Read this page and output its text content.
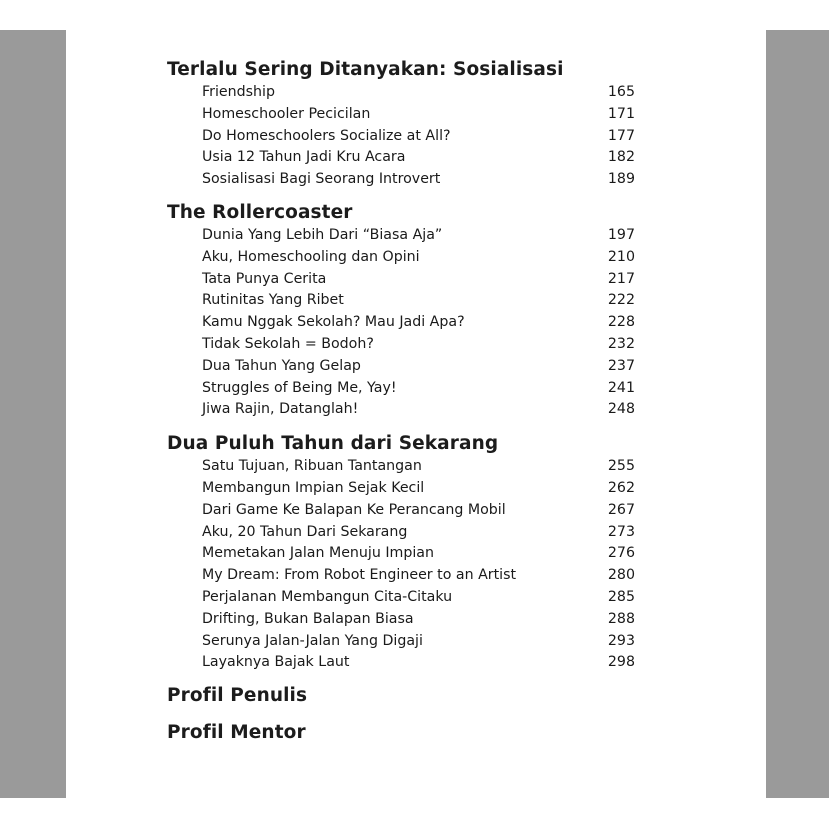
Terlalu Sering Ditanyakan: Sosialisasi
Friendship	165
Homeschooler Pecicilan	171
Do Homeschoolers Socialize at All?	177
Usia 12 Tahun Jadi Kru Acara	182
Sosialisasi Bagi Seorang Introvert	189
The Rollercoaster
Dunia Yang Lebih Dari “Biasa Aja”	197
Aku, Homeschooling dan Opini	210
Tata Punya Cerita	217
Rutinitas Yang Ribet	222
Kamu Nggak Sekolah? Mau Jadi Apa?	228
Tidak Sekolah = Bodoh?	232
Dua Tahun Yang Gelap	237
Struggles of Being Me, Yay!	241
Jiwa Rajin, Datanglah!	248
Dua Puluh Tahun dari Sekarang
Satu Tujuan, Ribuan Tantangan	255
Membangun Impian Sejak Kecil	262
Dari Game Ke Balapan Ke Perancang Mobil	267
Aku, 20 Tahun Dari Sekarang	273
Memetakan Jalan Menuju Impian	276
My Dream: From Robot Engineer to an Artist	280
Perjalanan Membangun Cita-Citaku	285
Drifting, Bukan Balapan Biasa	288
Serunya Jalan-Jalan Yang Digaji	293
Layaknya Bajak Laut	298
Profil Penulis
Profil Mentor
